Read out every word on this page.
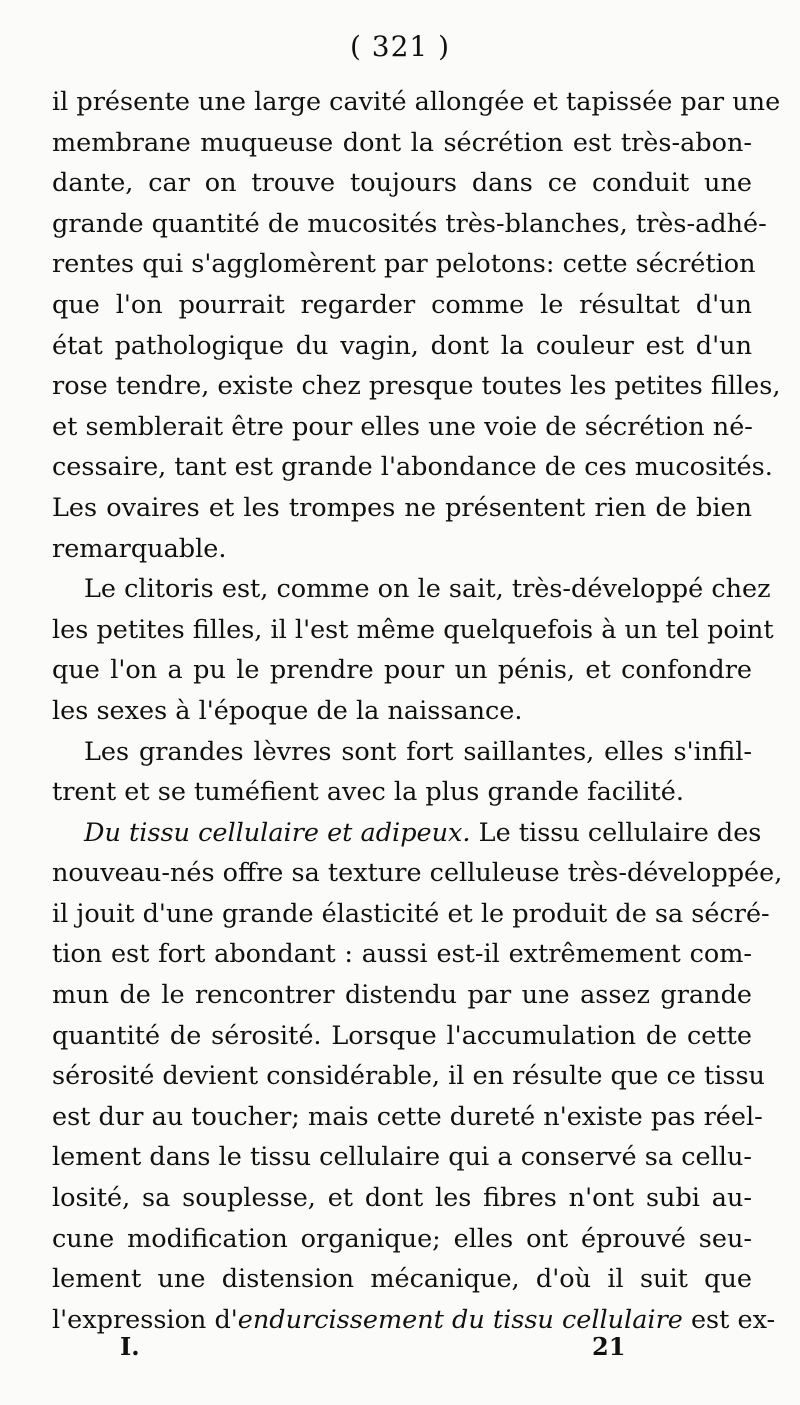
( 321 )
il présente une large cavité allongée et tapissée par une
membrane muqueuse dont la sécrétion est très-abon-
dante, car on trouve toujours dans ce conduit une
grande quantité de mucosités très-blanches, très-adhé-
rentes qui s'agglomèrent par pelotons: cette sécrétion
que l'on pourrait regarder comme le résultat d'un
état pathologique du vagin, dont la couleur est d'un
rose tendre, existe chez presque toutes les petites filles,
et semblerait être pour elles une voie de sécrétion né-
cessaire, tant est grande l'abondance de ces mucosités.
Les ovaires et les trompes ne présentent rien de bien
remarquable.
Le clitoris est, comme on le sait, très-développé chez
les petites filles, il l'est même quelquefois à un tel point
que l'on a pu le prendre pour un pénis, et confondre
les sexes à l'époque de la naissance.
Les grandes lèvres sont fort saillantes, elles s'infil-
trent et se tuméfient avec la plus grande facilité.
Du tissu cellulaire et adipeux. Le tissu cellulaire des
nouveau-nés offre sa texture celluleuse très-développée,
il jouit d'une grande élasticité et le produit de sa sécré-
tion est fort abondant : aussi est-il extrêmement com-
mun de le rencontrer distendu par une assez grande
quantité de sérosité. Lorsque l'accumulation de cette
sérosité devient considérable, il en résulte que ce tissu
est dur au toucher; mais cette dureté n'existe pas réel-
lement dans le tissu cellulaire qui a conservé sa cellu-
losité, sa souplesse, et dont les fibres n'ont subi au-
cune modification organique; elles ont éprouvé seu-
lement une distension mécanique, d'où il suit que
l'expression d'endurcissement du tissu cellulaire est ex-
I.	21
